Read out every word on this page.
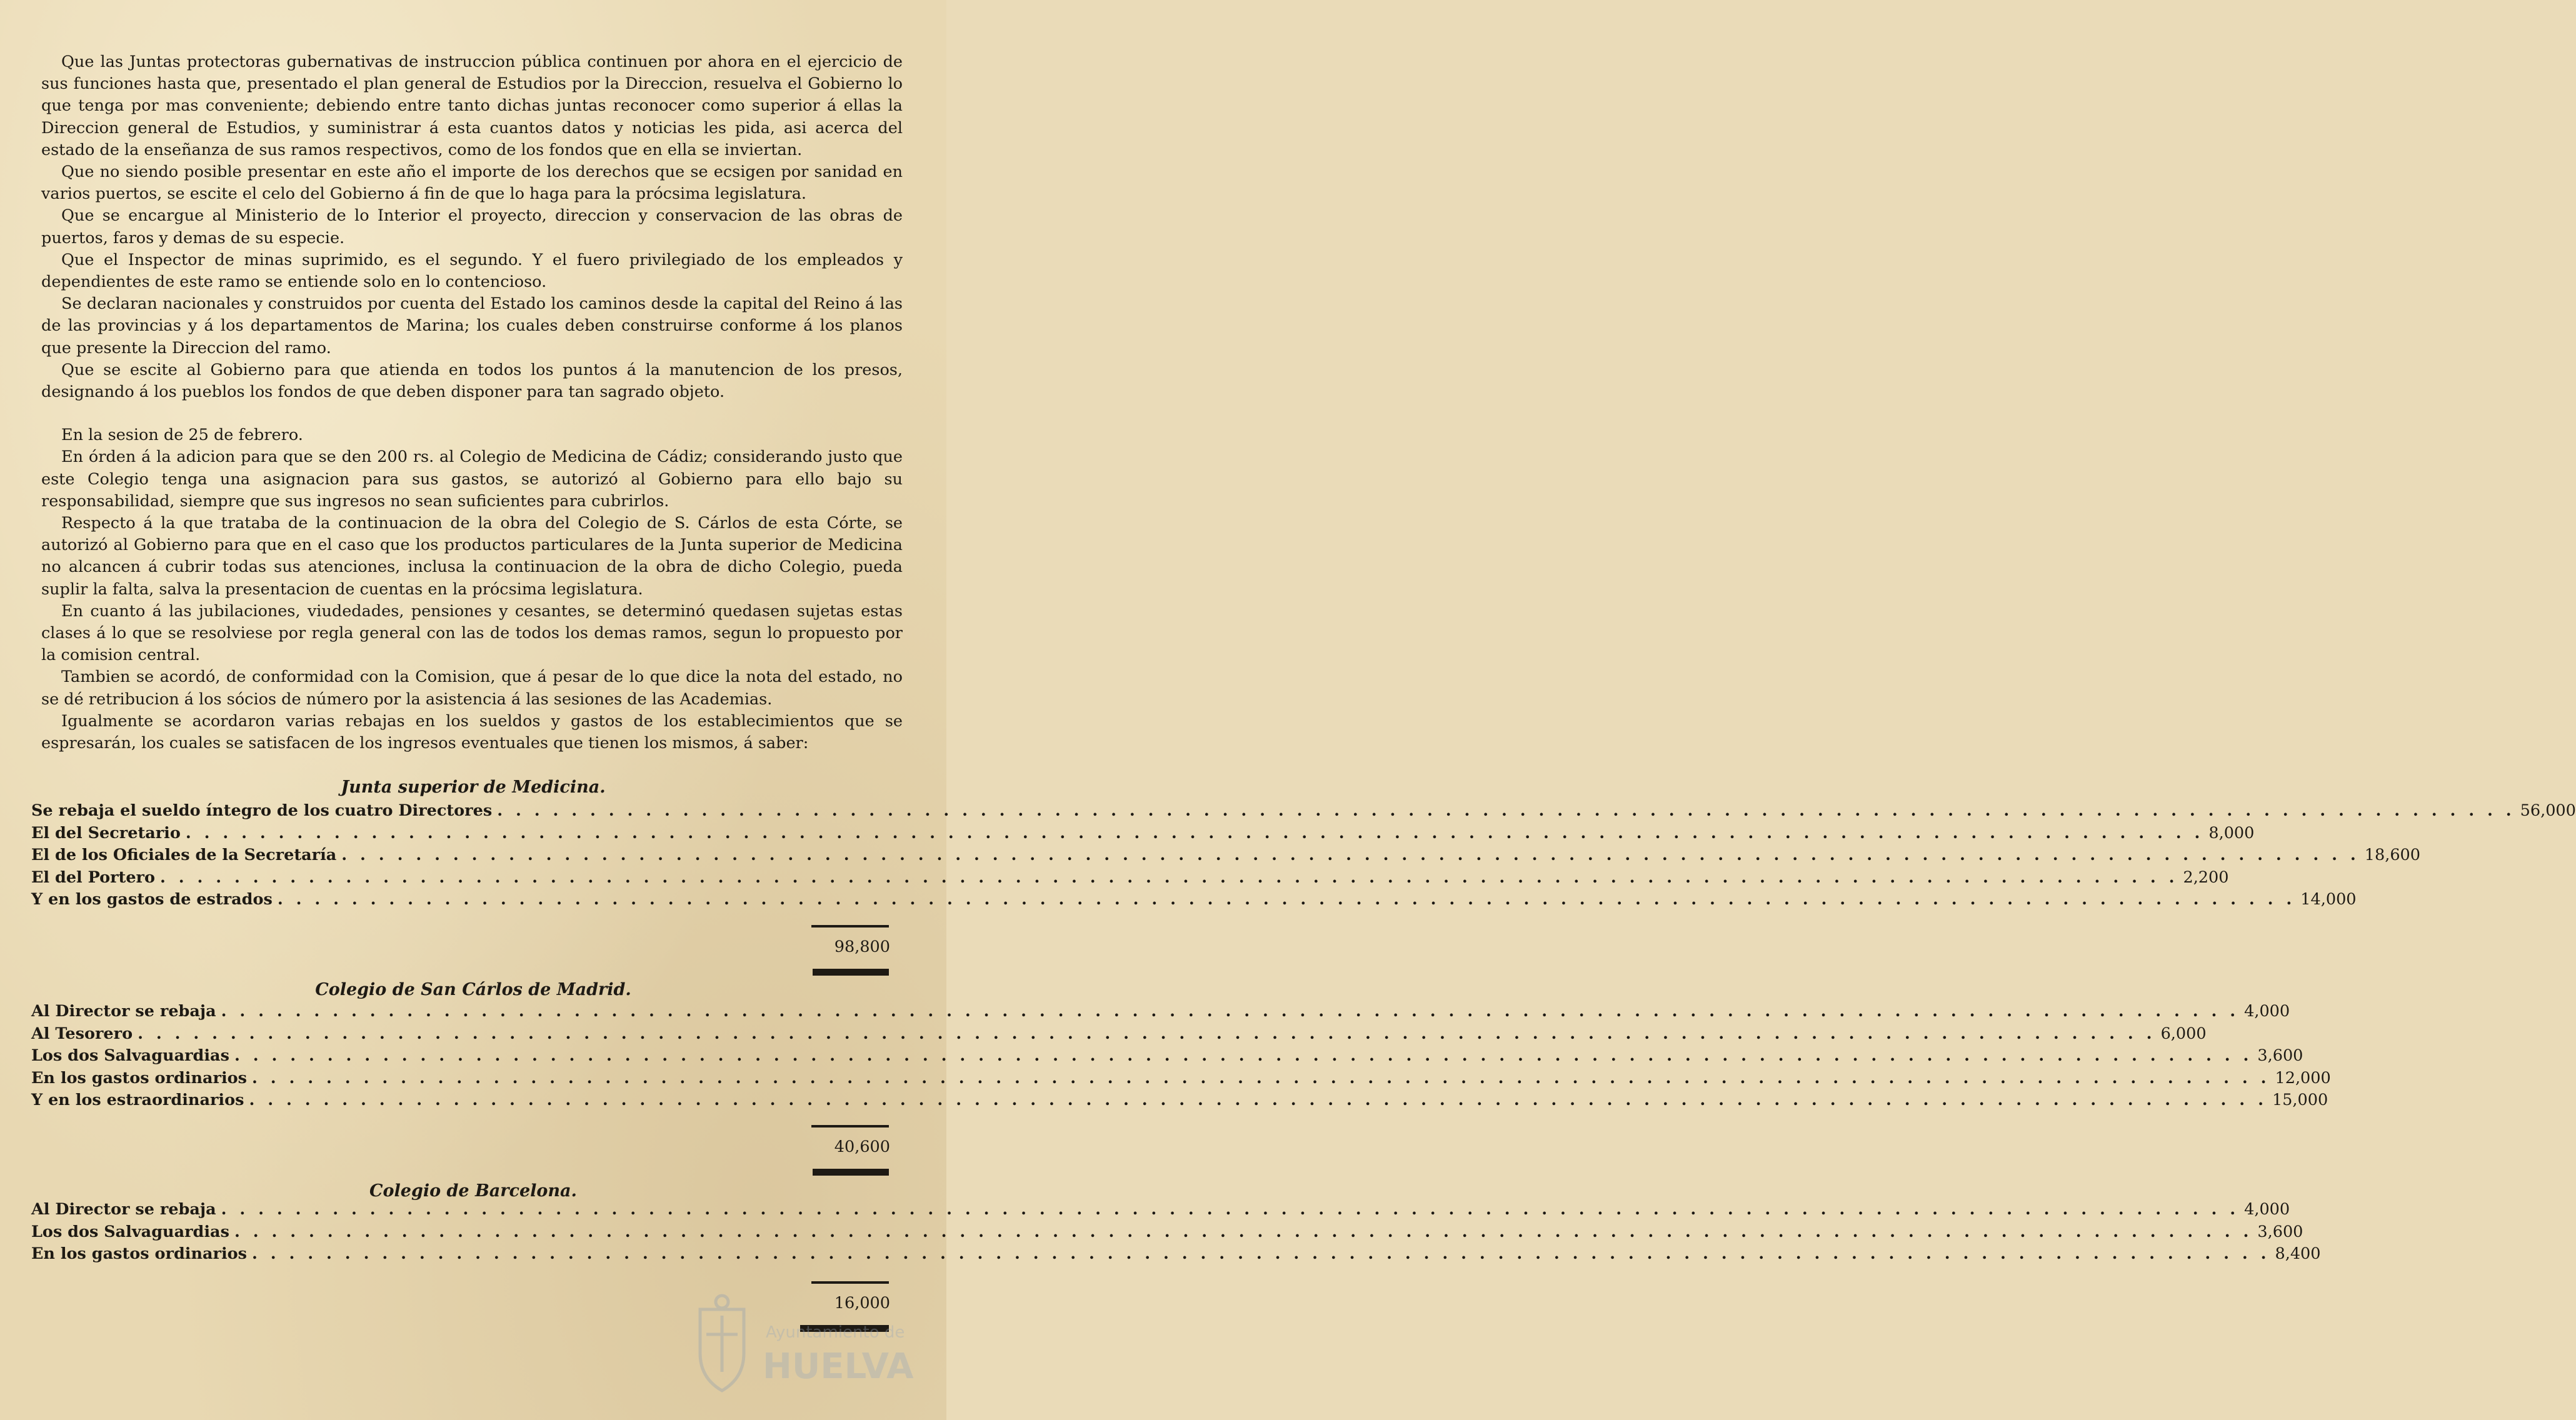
Que las Juntas protectoras gubernativas de instruccion pública continuen por ahora en el ejercicio de sus funciones hasta que, presentado el plan general de Estudios por la Direccion, resuelva el Gobierno lo que tenga por mas conveniente; debiendo entre tanto dichas juntas reconocer como superior á ellas la Direccion general de Estudios, y suministrar á esta cuantos datos y noticias les pida, asi acerca del estado de la enseñanza de sus ramos respectivos, como de los fondos que en ella se inviertan.

Que no siendo posible presentar en este año el importe de los derechos que se ecsigen por sanidad en varios puertos, se escite el celo del Gobierno á fin de que lo haga para la prócsima legislatura.

Que se encargue al Ministerio de lo Interior el proyecto, direccion y conservacion de las obras de puertos, faros y demas de su especie.

Que el Inspector de minas suprimido, es el segundo. Y el fuero privilegiado de los empleados y dependientes de este ramo se entiende solo en lo contencioso.

Se declaran nacionales y construidos por cuenta del Estado los caminos desde la capital del Reino á las de las provincias y á los departamentos de Marina; los cuales deben construirse conforme á los planos que presente la Direccion del ramo.

Que se escite al Gobierno para que atienda en todos los puntos á la manutencion de los presos, designando á los pueblos los fondos de que deben disponer para tan sagrado objeto.

En la sesion de 25 de febrero.

En órden á la adicion para que se den 200 rs. al Colegio de Medicina de Cádiz; considerando justo que este Colegio tenga una asignacion para sus gastos, se autorizó al Gobierno para ello bajo su responsabilidad, siempre que sus ingresos no sean suficientes para cubrirlos.

Respecto á la que trataba de la continuacion de la obra del Colegio de S. Cárlos de esta Córte, se autorizó al Gobierno para que en el caso que los productos particulares de la Junta superior de Medicina no alcancen á cubrir todas sus atenciones, inclusa la continuacion de la obra de dicho Colegio, pueda suplir la falta, salva la presentacion de cuentas en la prócsima legislatura.

En cuanto á las jubilaciones, viudedades, pensiones y cesantes, se determinó quedasen sujetas estas clases á lo que se resolviese por regla general con las de todos los demas ramos, segun lo propuesto por la comision central.

Tambien se acordó, de conformidad con la Comision, que á pesar de lo que dice la nota del estado, no se dé retribucion á los sócios de número por la asistencia á las sesiones de las Academias.

Igualmente se acordaron varias rebajas en los sueldos y gastos de los establecimientos que se espresarán, los cuales se satisfacen de los ingresos eventuales que tienen los mismos, á saber:

Junta superior de Medicina.
Se rebaja el sueldo íntegro de los cuatro Directores . . .	56,000
El del Secretario . . .	8,000
El de los Oficiales de la Secretaría . . .	18,600
El del Portero . . .	2,200
Y en los gastos de estrados . . .	14,000
98,800
Colegio de San Cárlos de Madrid.
Al Director se rebaja . . .	4,000
Al Tesorero . . .	6,000
Los dos Salvaguardias . . .	3,600
En los gastos ordinarios . . .	12,000
Y en los estraordinarios . . .	15,000
40,600
Colegio de Barcelona.
Al Director se rebaja . . .	4,000
Los dos Salvaguardias . . .	3,600
En los gastos ordinarios . . .	8,400
16,000
Ayuntamiento de
HUELVA
